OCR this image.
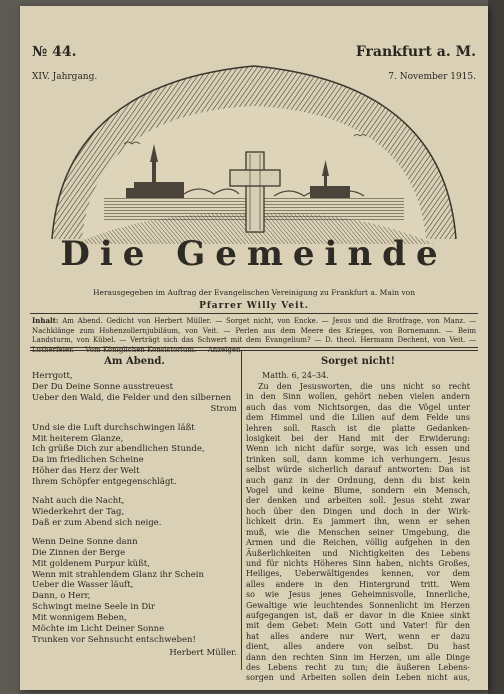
№ 44.	Frankfurt a. M.
XIV. Jahrgang.	7. November 1915.
Die Gemeinde
Herausgegeben im Auftrag der Evangelischen Vereinigung zu Frankfurt a. Main von
Pfarrer Willy Veit.
Inhalt: Am Abend. Gedicht von Herbert Müller. — Sorget nicht, von Encke. — Jesus und die Brotfrage, von Manz. — Nachklänge zum Hohenzollernjubiläum, von Veit. — Perlen aus dem Meere des Krieges, von Bornemann. — Beim Landsturm, von Kübel. — Verträgt sich das Schwert mit dem Evangelium? — D. theol. Hermann Dechent, von Veit. — Lutherfeier. — Vom Königlichen Konsistorium. — Anzeigen.
Am Abend.
Herrgott,
Der Du Deine Sonne ausstreuest
Ueber den Wald, die Felder und den silbernen
Strom
Und sie die Luft durchschwingen läßt
Mit heiterem Glanze,
Ich grüße Dich zur abendlichen Stunde,
Da im friedlichen Scheine
Höher das Herz der Welt
Ihrem Schöpfer entgegenschlägt.
Naht auch die Nacht,
Wiederkehrt der Tag,
Daß er zum Abend sich neige.
Wenn Deine Sonne dann
Die Zinnen der Berge
Mit goldenem Purpur küßt,
Wenn mit strahlendem Glanz ihr Schein
Ueber die Wasser läuft,
Dann, o Herr,
Schwingt meine Seele in Dir
Mit wonnigem Beben,
Möchte im Licht Deiner Sonne
Trunken vor Sehnsucht entschweben!
Herbert Müller.
Sorget nicht!
Matth. 6, 24–34.
Zu den Jesusworten, die uns nicht so recht
in den Sinn wollen, gehört neben vielen andern
auch das vom Nichtsorgen, das die Vögel unter
dem Himmel und die Lilien auf dem Felde uns
lehren soll. Rasch ist die platte Gedanken-
losigkeit bei der Hand mit der Erwiderung:
Wenn ich nicht dafür sorge, was ich essen und
trinken soll, dann komme ich verhungern. Jesus
selbst würde sicherlich darauf antworten: Das ist
auch ganz in der Ordnung, denn du bist kein
Vogel und keine Blume, sondern ein Mensch,
der denken und arbeiten soll. Jesus steht zwar
hoch über den Dingen und doch in der Wirk-
lichkeit drin. Es jammert ihn, wenn er sehen
muß, wie die Menschen seiner Umgebung, die
Armen und die Reichen, völlig aufgehen in den
Äußerlichkeiten und Nichtigkeiten des Lebens
und für nichts Höheres Sinn haben, nichts Großes,
Heiliges, Ueberwältigendes kennen, vor dem
alles andere in den Hintergrund tritt. Wem
so wie Jesus jenes Geheimnisvolle, Innerliche,
Gewaltige wie leuchtendes Sonnenlicht im Herzen
aufgegangen ist, daß er davor in die Kniee sinkt
mit dem Gebet: Mein Gott und Vater! für den
hat alles andere nur Wert, wenn er dazu
dient, alles andere von selbst. Du hast
dann den rechten Sinn im Herzen, um alle Dinge
des Lebens recht zu tun; die äußeren Lebens-
sorgen und Arbeiten sollen dein Leben nicht aus,
